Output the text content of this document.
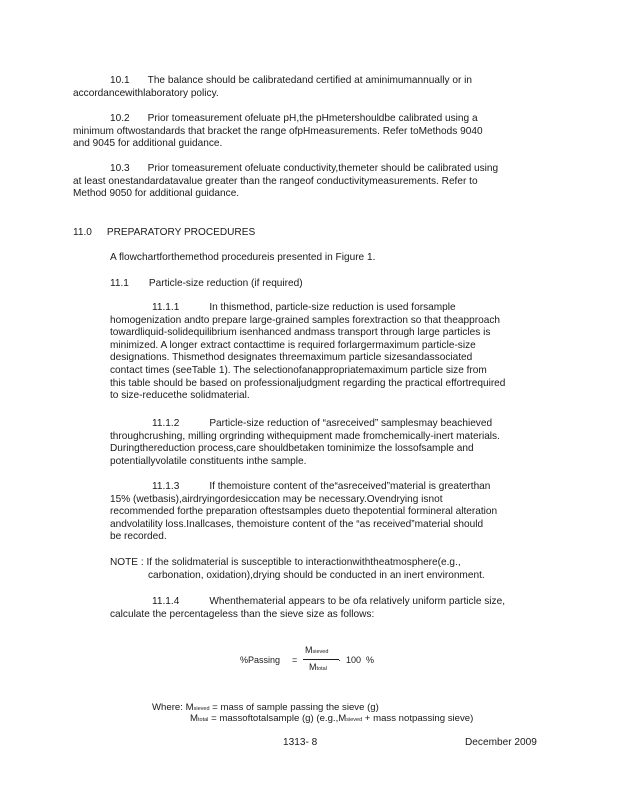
10.1 The balance should be calibratedand certified at aminimumannually or in
accordancewithlaboratory policy.

10.2 Prior tomeasurement ofeluate pH,the pHmetershouldbe calibrated using a
minimum oftwostandards that bracket the range ofpHmeasurements. Refer toMethods 9040
and 9045 for additional guidance.

10.3 Prior tomeasurement ofeluate conductivity,themeter should be calibrated using
at least onestandardatavalue greater than the rangeof conductivitymeasurements. Refer to
Method 9050 for additional guidance.

11.0 PREPARATORY PROCEDURES

A flowchartforthemethod procedureis presented in Figure 1.

11.1 Particle-size reduction (if required)

11.1.1	In thismethod, particle-size reduction is used forsample
homogenization andto prepare large-grained samples forextraction so that theapproach
towardliquid-solidequilibrium isenhanced andmass transport through large particles is
minimized. A longer extract contacttime is required forlargermaximum particle-size
designations. Thismethod designates threemaximum particle sizesandassociated
contact times (seeTable 1). The selectionofanappropriatemaximum particle size from
this table should be based on professionaljudgment regarding the practical effortrequired
to size-reducethe solidmaterial.

11.1.2	Particle-size reduction of “asreceived” samplesmay beachieved
throughcrushing, milling orgrinding withequipment made fromchemically-inert materials.
Duringthereduction process,care shouldbetaken tominimize the lossofsample and
potentiallyvolatile constituents inthe sample.

11.1.3	If themoisture content of the“asreceived”material is greaterthan
15% (wetbasis),airdryingordesiccation may be necessary.Ovendrying isnot
recommended forthe preparation oftestsamples dueto thepotential formineral alteration
andvolatility loss.Inallcases, themoisture content of the “as received”material should
be recorded.

NOTE : If the solidmaterial is susceptible to interactionwiththeatmosphere(e.g.,
carbonation, oxidation),drying should be conducted in an inert environment.

11.1.4	Whenthematerial appears to be ofa relatively uniform particle size,
calculate the percentageless than the sieve size as follows:

%Passing =
Msieved
Mtotal
· 100 %
Where: Msieved = mass of sample passing the sieve (g)
Mtotal = massoftotalsample (g) (e.g.,Msieved + mass notpassing sieve)
1313- 8	December 2009
